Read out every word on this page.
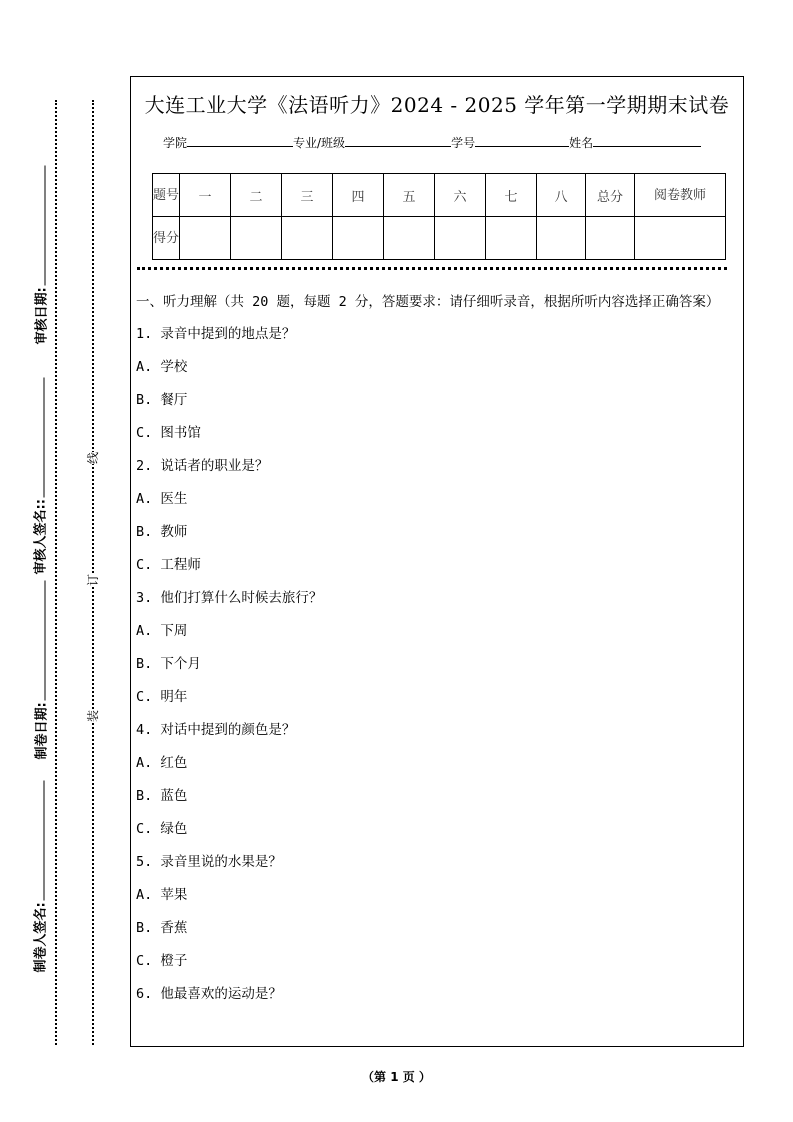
审核日期:
审核人签名::
制卷日期:
制卷人签名:
线
订
装
大连工业大学《法语听力》2024 - 2025 学年第一学期期末试卷
学院	专业/班级	学号	姓名
题号	一	二	三	四	五	六	七	八	总分	阅卷教师
得分										
一、听力理解（共 20 题，每题 2 分，答题要求：请仔细听录音，根据所听内容选择正确答案）
1. 录音中提到的地点是？
A. 学校
B. 餐厅
C. 图书馆
2. 说话者的职业是？
A. 医生
B. 教师
C. 工程师
3. 他们打算什么时候去旅行？
A. 下周
B. 下个月
C. 明年
4. 对话中提到的颜色是？
A. 红色
B. 蓝色
C. 绿色
5. 录音里说的水果是？
A. 苹果
B. 香蕉
C. 橙子
6. 他最喜欢的运动是？
（第 1 页 ）
